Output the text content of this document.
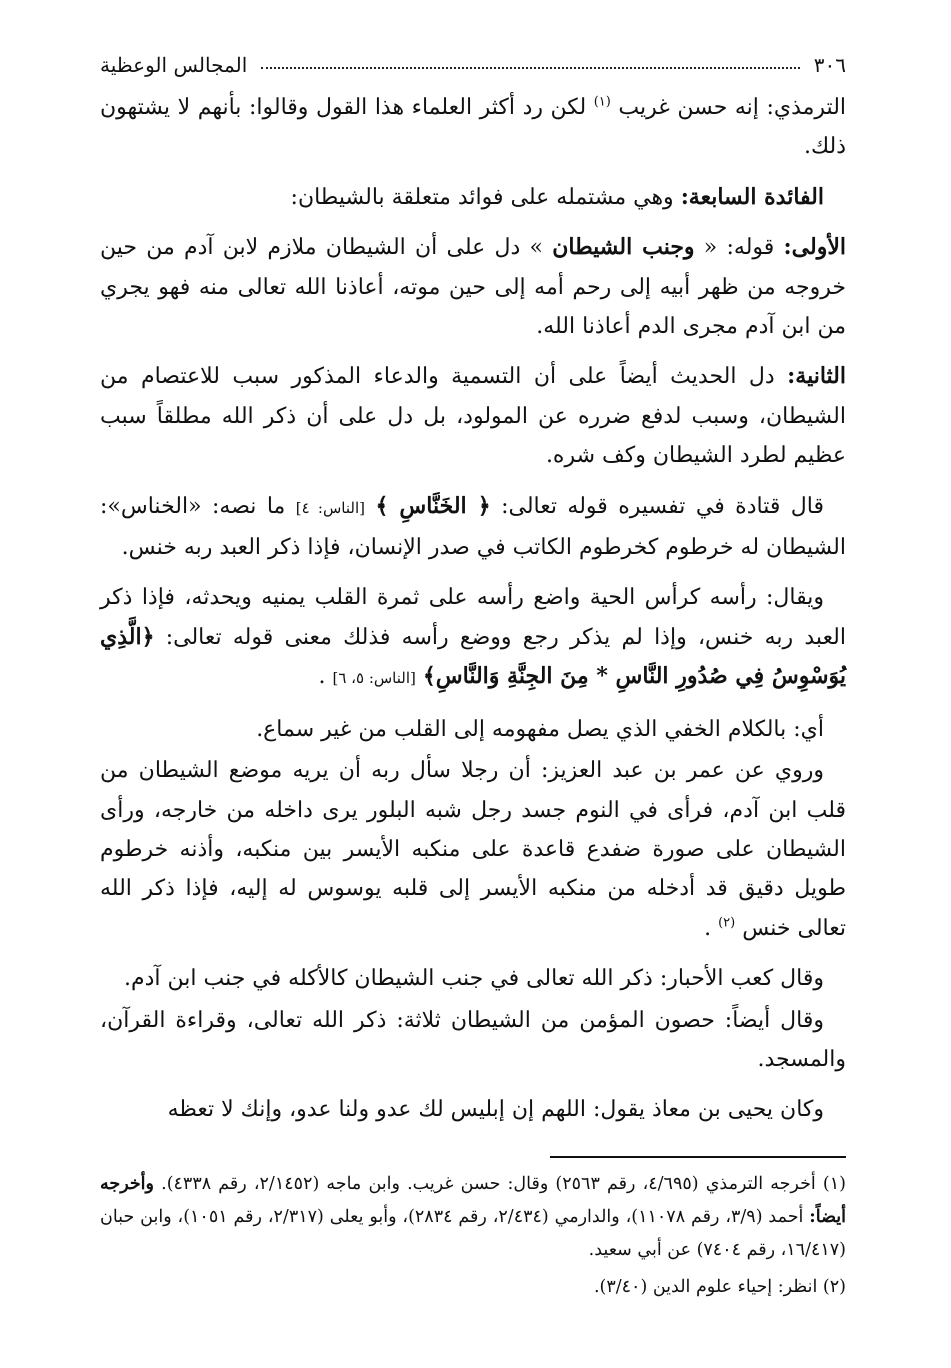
٣٠٦
المجالس الوعظية

الترمذي: إنه حسن غريب $^{(١)}$ لكن رد أكثر العلماء هذا القول وقالوا: بأنهم لا يشتهون ذلك.

الفائدة السابعة: وهي مشتمله على فوائد متعلقة بالشيطان:

الأولى: قوله: « وجنب الشيطان » دل على أن الشيطان ملازم لابن آدم من حين خروجه من ظهر أبيه إلى رحم أمه إلى حين موته، أعاذنا الله تعالى منه فهو يجري من ابن آدم مجرى الدم أعاذنا الله.

الثانية: دل الحديث أيضاً على أن التسمية والدعاء المذكور سبب للاعتصام من الشيطان، وسبب لدفع ضرره عن المولود، بل دل على أن ذكر الله مطلقاً سبب عظيم لطرد الشيطان وكف شره.

قال قتادة في تفسيره قوله تعالى: ﴿ الخَنَّاسِ ﴾ [الناس: ٤] ما نصه: «الخناس»: الشيطان له خرطوم كخرطوم الكاتب في صدر الإنسان، فإذا ذكر العبد ربه خنس.

ويقال: رأسه كرأس الحية واضع رأسه على ثمرة القلب يمنيه ويحدثه، فإذا ذكر العبد ربه خنس، وإذا لم يذكر رجع ووضع رأسه فذلك معنى قوله تعالى: ﴿الَّذِي يُوَسْوِسُ فِي صُدُورِ النَّاسِ * مِنَ الجِنَّةِ وَالنَّاسِ﴾ [الناس: ٥، ٦] .

أي: بالكلام الخفي الذي يصل مفهومه إلى القلب من غير سماع.

وروي عن عمر بن عبد العزيز: أن رجلا سأل ربه أن يريه موضع الشيطان من قلب ابن آدم، فرأى في النوم جسد رجل شبه البلور يرى داخله من خارجه، ورأى الشيطان على صورة ضفدع قاعدة على منكبه الأيسر بين منكبه، وأذنه خرطوم طويل دقيق قد أدخله من منكبه الأيسر إلى قلبه يوسوس له إليه، فإذا ذكر الله تعالى خنس $^{(٢)}$ .

وقال كعب الأحبار: ذكر الله تعالى في جنب الشيطان كالأكله في جنب ابن آدم.

وقال أيضاً: حصون المؤمن من الشيطان ثلاثة: ذكر الله تعالى، وقراءة القرآن، والمسجد.

وكان يحيى بن معاذ يقول: اللهم إن إبليس لك عدو ولنا عدو، وإنك لا تعظه

(١) أخرجه الترمذي (٤/٦٩٥، رقم ٢٥٦٣) وقال: حسن غريب. وابن ماجه (٢/١٤٥٢، رقم ٤٣٣٨). وأخرجه أيضاً: أحمد (٣/٩، رقم ١١٠٧٨)، والدارمي (٢/٤٣٤، رقم ٢٨٣٤)، وأبو يعلى (٢/٣١٧، رقم ١٠٥١)، وابن حبان (١٦/٤١٧، رقم ٧٤٠٤) عن أبي سعيد.

(٢) انظر: إحياء علوم الدين (٣/٤٠).
